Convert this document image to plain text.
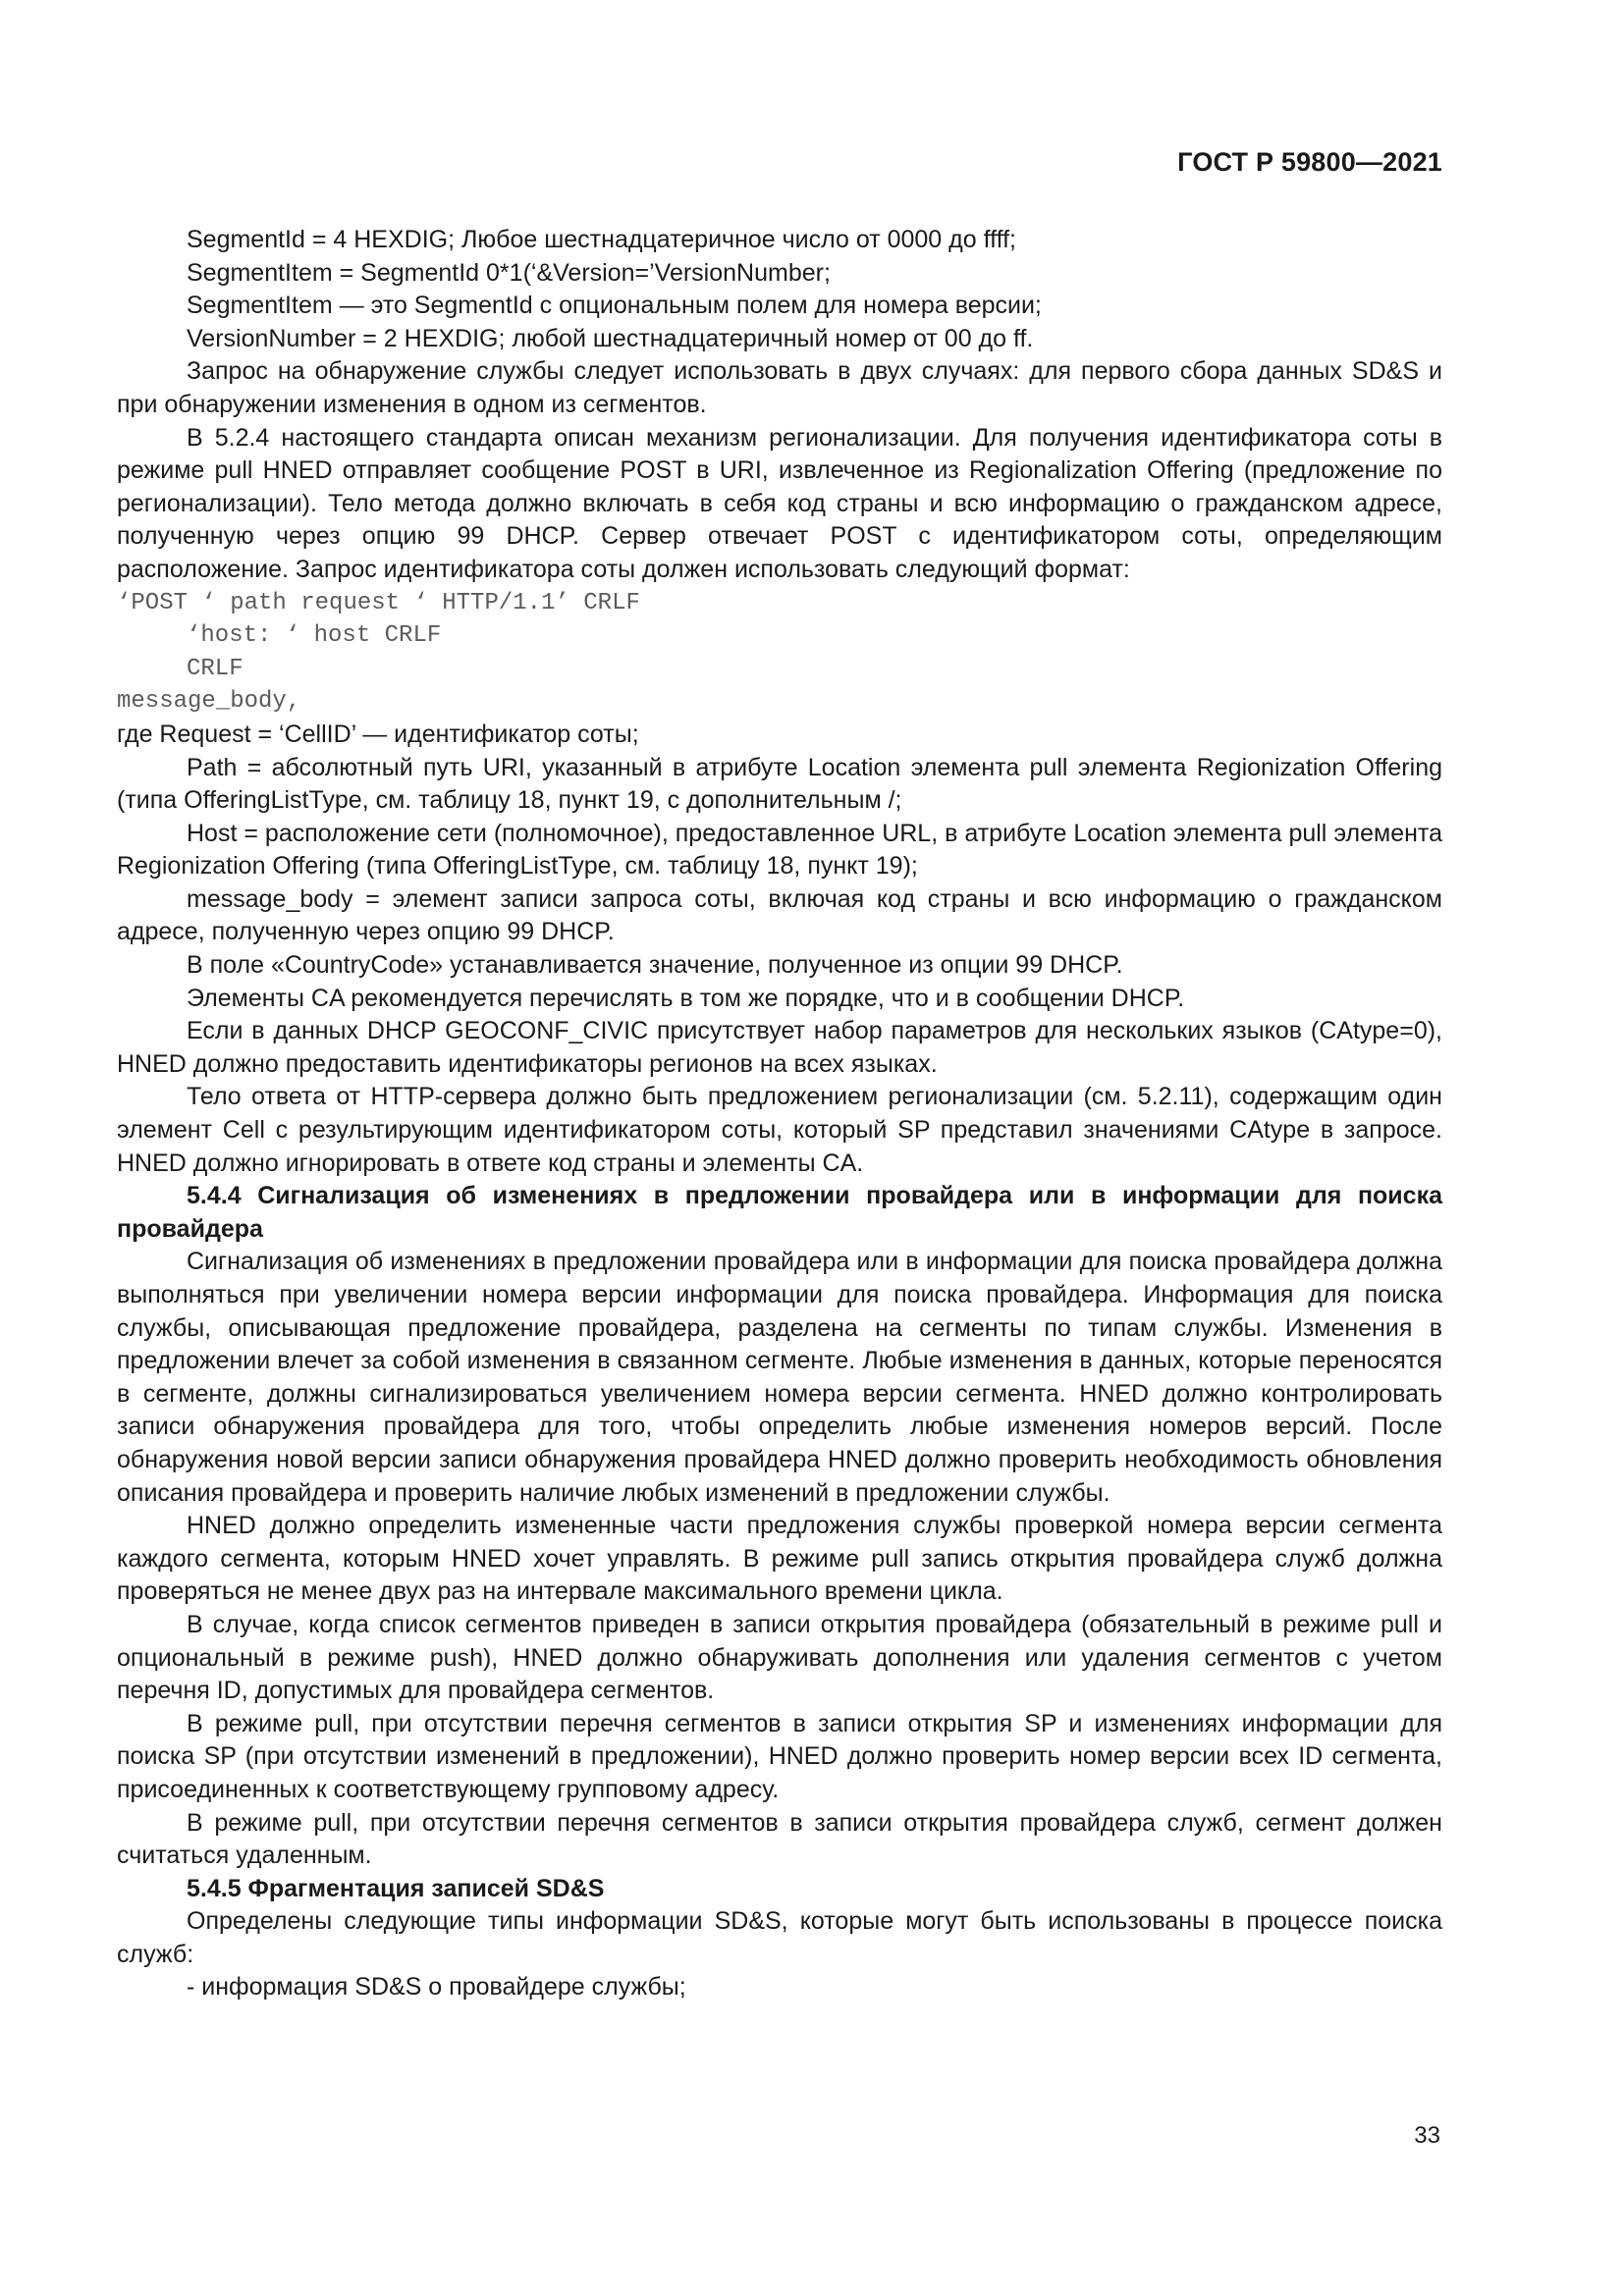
ГОСТ Р 59800—2021

SegmentId = 4 HEXDIG; Любое шестнадцатеричное число от 0000 до ffff;

SegmentItem = SegmentId 0*1(‘&Version=’VersionNumber;

SegmentItem — это SegmentId с опциональным полем для номера версии;

VersionNumber = 2 HEXDIG; любой шестнадцатеричный номер от 00 до ff.

Запрос на обнаружение службы следует использовать в двух случаях: для первого сбора данных SD&S и при обнаружении изменения в одном из сегментов.

В 5.2.4 настоящего стандарта описан механизм регионализации. Для получения идентификатора соты в режиме pull HNED отправляет сообщение POST в URI, извлеченное из Regionalization Offering (предложение по регионализации). Тело метода должно включать в себя код страны и всю информацию о гражданском адресе, полученную через опцию 99 DHCP. Сервер отвечает POST с идентификатором соты, определяющим расположение. Запрос идентификатора соты должен использовать следующий формат:

‘POST ‘ path request ‘ HTTP/1.1’ CRLF
‘host: ‘ host CRLF
CRLF
message_body,

где Request = ‘CellID’ — идентификатор соты;

Path = абсолютный путь URI, указанный в атрибуте Location элемента pull элемента Regionization Offering (типа OfferingListType, см. таблицу 18, пункт 19, с дополнительным /;

Host = расположение сети (полномочное), предоставленное URL, в атрибуте Location элемента pull элемента Regionization Offering (типа OfferingListType, см. таблицу 18, пункт 19);

message_body = элемент записи запроса соты, включая код страны и всю информацию о гражданском адресе, полученную через опцию 99 DHCP.

В поле «CountryCode» устанавливается значение, полученное из опции 99 DHCP.

Элементы CA рекомендуется перечислять в том же порядке, что и в сообщении DHCP.

Если в данных DHCP GEOCONF_CIVIC присутствует набор параметров для нескольких языков (CAtype=0), HNED должно предоставить идентификаторы регионов на всех языках.

Тело ответа от HTTP-сервера должно быть предложением регионализации (см. 5.2.11), содержащим один элемент Cell с результирующим идентификатором соты, который SP представил значениями CAtype в запросе. HNED должно игнорировать в ответе код страны и элементы CA.

5.4.4 Сигнализация об изменениях в предложении провайдера или в информации для поиска провайдера

Сигнализация об изменениях в предложении провайдера или в информации для поиска провайдера должна выполняться при увеличении номера версии информации для поиска провайдера. Информация для поиска службы, описывающая предложение провайдера, разделена на сегменты по типам службы. Изменения в предложении влечет за собой изменения в связанном сегменте. Любые изменения в данных, которые переносятся в сегменте, должны сигнализироваться увеличением номера версии сегмента. HNED должно контролировать записи обнаружения провайдера для того, чтобы определить любые изменения номеров версий. После обнаружения новой версии записи обнаружения провайдера HNED должно проверить необходимость обновления описания провайдера и проверить наличие любых изменений в предложении службы.

HNED должно определить измененные части предложения службы проверкой номера версии сегмента каждого сегмента, которым HNED хочет управлять. В режиме pull запись открытия провайдера служб должна проверяться не менее двух раз на интервале максимального времени цикла.

В случае, когда список сегментов приведен в записи открытия провайдера (обязательный в режиме pull и опциональный в режиме push), HNED должно обнаруживать дополнения или удаления сегментов с учетом перечня ID, допустимых для провайдера сегментов.

В режиме pull, при отсутствии перечня сегментов в записи открытия SP и изменениях информации для поиска SP (при отсутствии изменений в предложении), HNED должно проверить номер версии всех ID сегмента, присоединенных к соответствующему групповому адресу.

В режиме pull, при отсутствии перечня сегментов в записи открытия провайдера служб, сегмент должен считаться удаленным.

5.4.5 Фрагментация записей SD&S

Определены следующие типы информации SD&S, которые могут быть использованы в процессе поиска служб:

- информация SD&S о провайдере службы;

33
